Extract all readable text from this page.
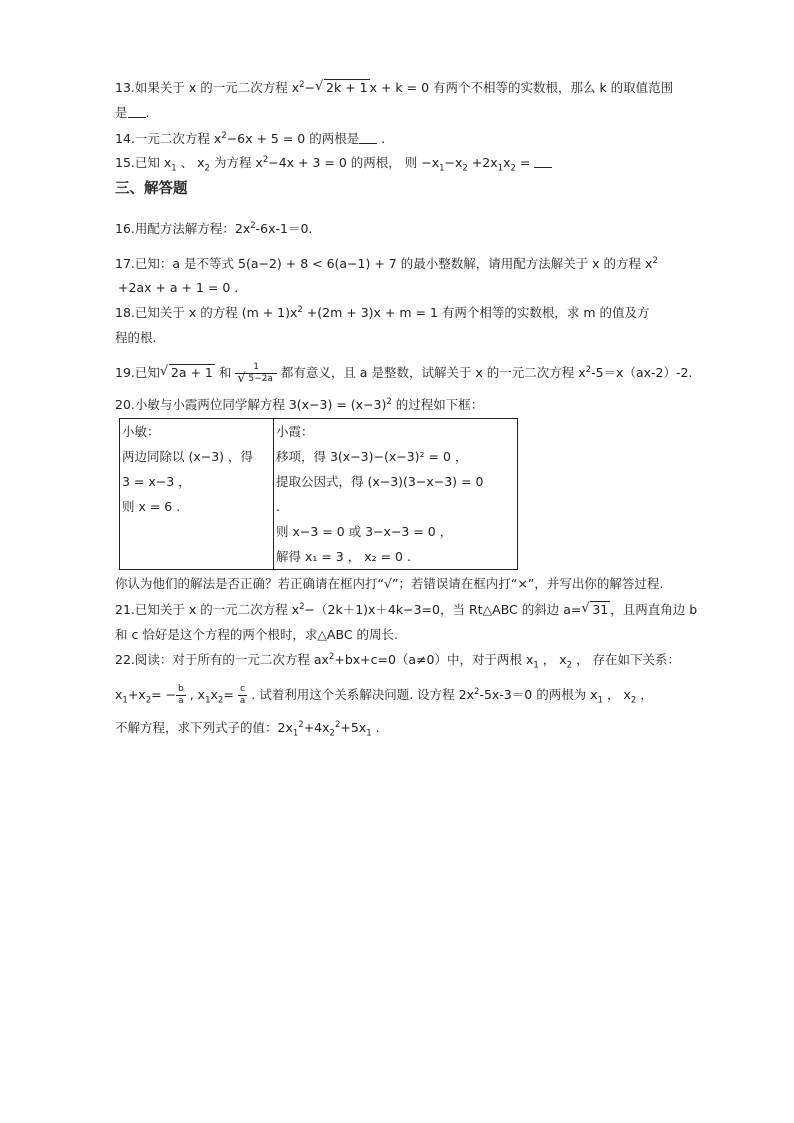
13.如果关于 x 的一元二次方程 $x^2-√$ 2k + 1 x + k = 0 有两个不相等的实数根，那么 k 的取值范围
是 .
14.一元二次方程 $x^2-6x + 5 = 0$ 的两根是 .
15.已知 $x_1$ 、 $x_2$ 为方程 $x^2-4x + 3 = 0$ 的两根， 则 $-x_1-x_2 +2x_1x_2$ =
三、解答题
16.用配方法解方程：$2x^2-6x-1=0$.
17.已知：a 是不等式 5(a−2) + 8 < 6(a−1) + 7 的最小整数解，请用配方法解关于 x 的方程 $x^2$
+2ax + a + 1 = 0 .
18.已知关于 x 的方程 $(m + 1)x^2 +(2m + 3)x + m = 1$ 有两个相等的实数根，求 m 的值及方
程的根.
19.已知√ 2a + 1 和 1
√ 5−2a 都有意义，且 a 是整数，试解关于 x 的一元二次方程 $x^2-5=x(ax-2)-2$.
20.小敏与小霞两位同学解方程 $3(x-3) = (x-3)^2$ 的过程如下框：
小敏：
两边同除以 (x−3) ，得
3 = x−3 ，
则 x = 6 .

小霞：
移项，得 3(x−3)−(x−3)² = 0 ，
提取公因式，得 (x−3)(3−x−3) = 0
.
则 x−3 = 0 或 3−x−3 = 0 ，
解得 x₁ = 3 ， x₂ = 0 .
你认为他们的解法是否正确？若正确请在框内打“√”；若错误请在框内打“×”，并写出你的解答过程.
21.已知关于 x 的一元二次方程 $x^2-(2k+1)x+4k-3=0$，当 Rt△ABC 的斜边 a=√ 31 ，且两直角边 b
和 c 恰好是这个方程的两个根时，求△ABC 的周长.
22.阅读：对于所有的一元二次方程 $ax^2+bx+c=0(a\ne 0)$中，对于两根 $x_1$ ， $x_2$ ， 存在如下关系：
$x_1+x_2= - \frac{b}{a}$ , $x_1x_2= \frac{c}{a}$ . 试着利用这个关系解决问题. 设方程 $2x^2-5x-3=0$ 的两根为 $x_1$ ， $x_2$ ，
不解方程，求下列式子的值：$2x_1^2+4x_2^2+5x_1$ .
